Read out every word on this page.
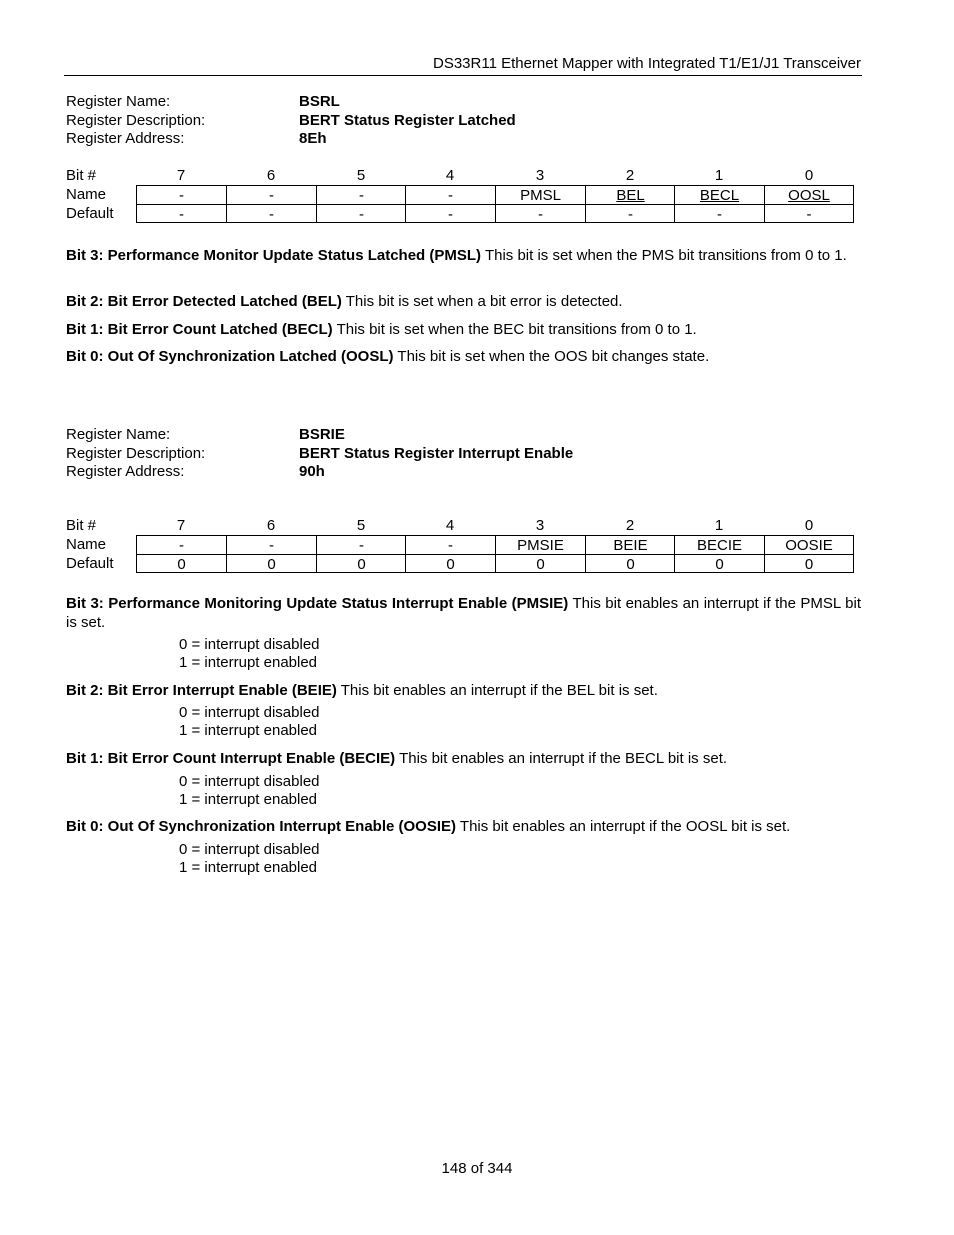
DS33R11 Ethernet Mapper with Integrated T1/E1/J1 Transceiver
Register Name:	BSRL
Register Description:	BERT Status Register Latched
Register Address:	8Eh
Bit #	7	6	5	4	3	2	1	0
Name	-	-	-	-	PMSL	BEL	BECL	OOSL
Default	-	-	-	-	-	-	-	-
Bit 3: Performance Monitor Update Status Latched (PMSL) This bit is set when the PMS bit transitions from 0 to 1.
Bit 2: Bit Error Detected Latched (BEL) This bit is set when a bit error is detected.
Bit 1: Bit Error Count Latched (BECL) This bit is set when the BEC bit transitions from 0 to 1.
Bit 0: Out Of Synchronization Latched (OOSL) This bit is set when the OOS bit changes state.
Register Name:	BSRIE
Register Description:	BERT Status Register Interrupt Enable
Register Address:	90h
Bit #	7	6	5	4	3	2	1	0
Name	-	-	-	-	PMSIE	BEIE	BECIE	OOSIE
Default	0	0	0	0	0	0	0	0
Bit 3: Performance Monitoring Update Status Interrupt Enable (PMSIE) This bit enables an interrupt if the PMSL bit is set.
0 = interrupt disabled
1 = interrupt enabled
Bit 2: Bit Error Interrupt Enable (BEIE) This bit enables an interrupt if the BEL bit is set.
0 = interrupt disabled
1 = interrupt enabled
Bit 1: Bit Error Count Interrupt Enable (BECIE) This bit enables an interrupt if the BECL bit is set.
0 = interrupt disabled
1 = interrupt enabled
Bit 0: Out Of Synchronization Interrupt Enable (OOSIE) This bit enables an interrupt if the OOSL bit is set.
0 = interrupt disabled
1 = interrupt enabled
148 of 344
